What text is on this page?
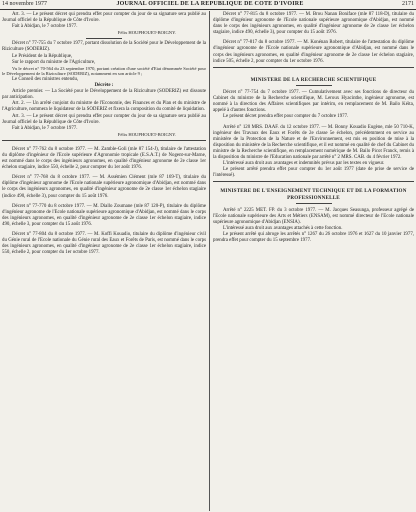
14 novembre 1977	JOURNAL OFFICIEL DE LA REPUBLIQUE DE COTE D'IVOIRE	2171

Art. 3. — Le présent décret qui prendra effet pour compter du jour de sa signature sera publié au Journal officiel de la République de Côte d'Ivoire.

Fait à Abidjan, le 7 octobre 1977.

Félix HOUPHOUET-BOIGNY.

Décret n° 77-755 du 7 octobre 1977, portant dissolution de la Société pour le Développement de la Riziculture (SODERIZ).

Le Président de la République,

Sur le rapport du ministre de l'Agriculture,

Vu le décret n° 70-564 du 23 septembre 1970, portant création d'une société d'Etat dénommée Société pour le Développement de la Riziculture (SODERIZ), notamment en son article 9 ;

Le Conseil des ministres entendu,

Décrète :

Article premier. — La Société pour le Développement de la Riziculture (SODERIZ) est dissoute par anticipation.

Art. 2. — Un arrêté conjoint du ministre de l'Economie, des Finances et du Plan et du ministre de l'Agriculture, nommera le liquidateur de la SODERIZ et fixera la composition du comité de liquidation.

Art. 3. — Le présent décret qui prendra effet pour compter du jour de sa signature sera publié au Journal officiel de la République de Côte d'Ivoire.

Fait à Abidjan, le 7 octobre 1977.

Félix HOUPHOUET-BOIGNY.

Décret n° 77-762 du 8 octobre 1977. — M. Zamble-Goli (mle 87 154-J), titulaire de l'attestation du diplôme d'ingénieur de l'Ecole supérieure d'Agronomie tropicale (E.S.A.T.) de Nogent-sur-Marne, est nommé dans le corps des ingénieurs agronomes, en qualité d'ingénieur agronome de 2e classe 1er échelon stagiaire, indice 550, échelle 2, pour compter du 1er août 1976.

Décret n° 77-768 du 8 octobre 1977. — M. Assémien Clément (mle 87 169-T), titulaire du diplôme d'ingénieur agronome de l'Ecole nationale supérieure agronomique d'Abidjan, est nommé dans le corps des ingénieurs agronomes, en qualité d'ingénieur agronome de 2e classe 1er échelon stagiaire (indice 490, échelle 3), pour compter du 15 août 1976.

Décret n° 77-770 du 8 octobre 1977. — M. Diallo Zoumane (mle 87 120-P), titulaire du diplôme d'ingénieur agronome de l'Ecole nationale supérieure agronomique d'Abidjan, est nommé dans le corps des ingénieurs agronomes, en qualité d'ingénieur agronome de 2e classe 1er échelon stagiaire, indice 490, échelle 3, pour compter du 15 août 1976.

Décret n° 77-804 du 8 octobre 1977. — M. Koffi Kouadio, titulaire du diplôme d'ingénieur civil du Génie rural de l'Ecole nationale du Génie rural des Eaux et Forêts de Paris, est nommé dans le corps des ingénieurs agronomes, en qualité d'ingénieur agronome de 2e classe 1er échelon stagiaire, indice 550, échelle 2, pour compter du 1er octobre 1977.

Décret n° 77-815 du 8 octobre 1977. — M. Brou Nanan Boniface (mle 87 118-D), titulaire du diplôme d'ingénieur agronome de l'Ecole nationale supérieure agronomique d'Abidjan, est nommé dans le corps des ingénieurs agronomes, en qualité d'ingénieur agronome de 2e classe 1er échelon stagiaire, indice 490, échelle 3), pour compter du 15 août 1976.

Décret n° 77-817 du 8 octobre 1977. — M. Konénan Robert, titulaire de l'attestation du diplôme d'ingénieur agronome de l'Ecole nationale supérieure agronomique d'Abidjan, est nommé dans le corps des ingénieurs agronomes, en qualité d'ingénieur agronome de 2e classe 1er échelon stagiaire, indice 505, échelle 2, pour compter du 1er octobre 1976.

MINISTERE DE LA RECHERCHE SCIENTIFIQUE

Décret n° 77-754 du 7 octobre 1977. — Cumulativement avec ses fonctions de directeur du Cabinet du ministre de la Recherche scientifique, M. Leroux Hyacinthe, ingénieur agronome, est nommé à la direction des Affaires scientifiques par intérim, en remplacement de M. Bailo Kéita, appelé à d'autres fonctions.

Le présent décret prendra effet pour compter du 7 octobre 1977.

Arrêté n° 120 MRS. DAAF. du 12 octobre 1977. — M. Bonny Kouadio Eugène, mle 50 710-K, ingénieur des Travaux des Eaux et Forêts de 2e classe 5e échelon, précédemment en service au ministère de la Protection de la Nature et de l'Environnement, est mis en position de mise à la disposition du ministère de la Recherche scientifique, et il est nommé en qualité de chef du Cabinet du ministre de la Recherche scientifique, en remplacement numérique de M. Bailo Picot Franck, remis à la disposition du ministre de l'Education nationale par arrêté n° 2 MRS. CAB. du 4 février 1972.

L'intéressé aura droit aux avantages et indemnités prévus par les textes en vigueur.

Le présent arrêté prendra effet pour compter du 1er août 1977 (date de prise de service de l'intéressé).

MINISTERE DE L'ENSEIGNEMENT TECHNIQUE ET DE LA FORMATION PROFESSIONNELLE

Arrêté n° 2225 MET. FP. du 3 octobre 1977. — M. Jacques Seasunga, professeur agrégé de l'Ecole nationale supérieure des Arts et Métiers (ENSAM), est nommé directeur de l'Ecole nationale supérieure agronomique d'Abidjan (ENSIA).

L'intéressé aura droit aux avantages attachés à cette fonction.

Le présent arrêté qui abroge les arrêtés n° 1267 du 26 octobre 1976 et 1627 du 10 janvier 1977, prendra effet pour compter du 15 septembre 1977.
